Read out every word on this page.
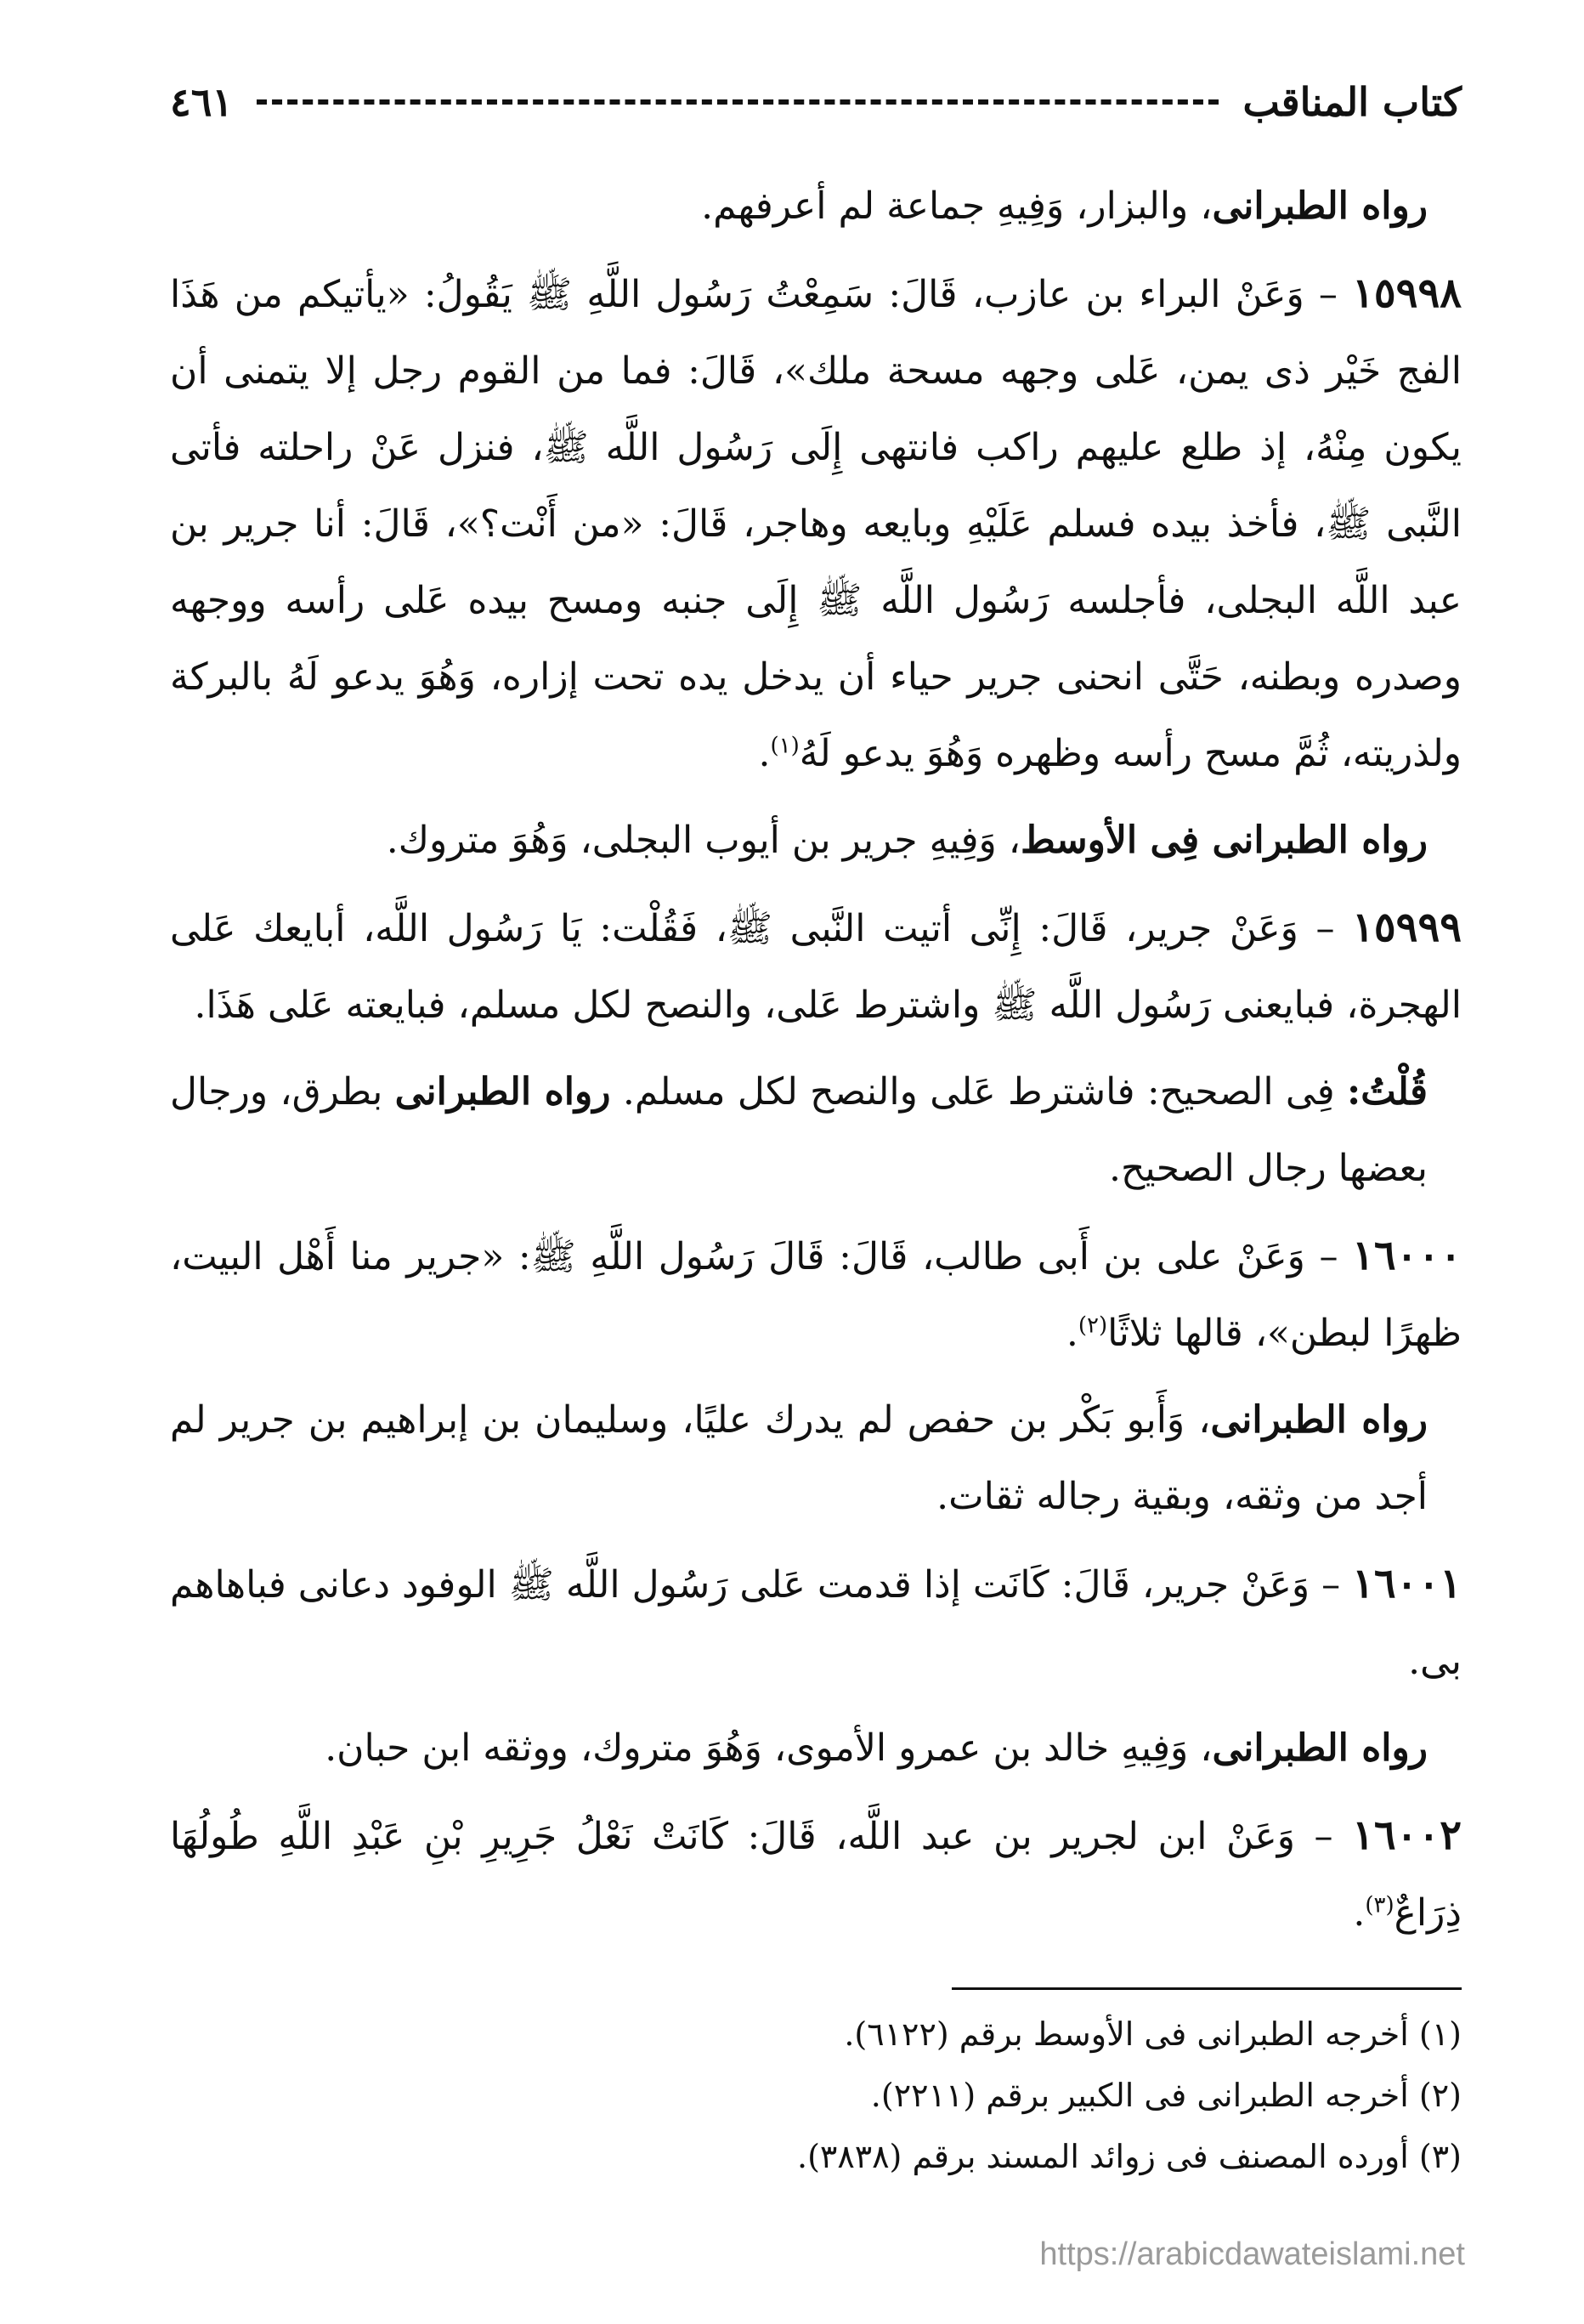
كتاب المناقب
٤٦١

رواه الطبرانى، والبزار، وَفِيهِ جماعة لم أعرفهم.

١٥٩٩٨ – وَعَنْ البراء بن عازب، قَالَ: سَمِعْتُ رَسُول اللَّهِ ﷺ يَقُولُ: «يأتيكم من هَذَا الفج خَيْر ذى يمن، عَلى وجهه مسحة ملك»، قَالَ: فما من القوم رجل إلا يتمنى أن يكون مِنْهُ، إذ طلع عليهم راكب فانتهى إِلَى رَسُول اللَّه ﷺ، فنزل عَنْ راحلته فأتى النَّبى ﷺ، فأخذ بيده فسلم عَلَيْهِ وبايعه وهاجر، قَالَ: «من أَنْت؟»، قَالَ: أنا جرير بن عبد اللَّه البجلى، فأجلسه رَسُول اللَّه ﷺ إِلَى جنبه ومسح بيده عَلى رأسه ووجهه وصدره وبطنه، حَتَّى انحنى جرير حياء أن يدخل يده تحت إزاره، وَهُوَ يدعو لَهُ بالبركة ولذريته، ثُمَّ مسح رأسه وظهره وَهُوَ يدعو لَهُ$^{(١)}$.

رواه الطبرانى فِى الأوسط، وَفِيهِ جرير بن أيوب البجلى، وَهُوَ متروك.

١٥٩٩٩ – وَعَنْ جرير، قَالَ: إِنِّى أتيت النَّبى ﷺ، فَقُلْت: يَا رَسُول اللَّه، أبايعك عَلى الهجرة، فبايعنى رَسُول اللَّه ﷺ واشترط عَلى، والنصح لكل مسلم، فبايعته عَلى هَذَا.

قُلْتُ: فِى الصحيح: فاشترط عَلى والنصح لكل مسلم. رواه الطبرانى بطرق، ورجال بعضها رجال الصحيح.

١٦٠٠٠ – وَعَنْ على بن أَبى طالب، قَالَ: قَالَ رَسُول اللَّهِ ﷺ: «جرير منا أَهْل البيت، ظهرًا لبطن»، قالها ثلاثًا$^{(٢)}$.

رواه الطبرانى، وَأَبو بَكْر بن حفص لم يدرك عليًا، وسليمان بن إبراهيم بن جرير لم أجد من وثقه، وبقية رجاله ثقات.

١٦٠٠١ – وَعَنْ جرير، قَالَ: كَانَت إذا قدمت عَلى رَسُول اللَّه ﷺ الوفود دعانى فباهاهم بى.

رواه الطبرانى، وَفِيهِ خالد بن عمرو الأموى، وَهُوَ متروك، ووثقه ابن حبان.

١٦٠٠٢ – وَعَنْ ابن لجرير بن عبد اللَّه، قَالَ: كَانَتْ نَعْلُ جَرِيرِ بْنِ عَبْدِ اللَّهِ طُولُهَا ذِرَاعٌ$^{(٣)}$.

(١) أخرجه الطبرانى فى الأوسط برقم (٦١٢٢).
(٢) أخرجه الطبرانى فى الكبير برقم (٢٢١١).
(٣) أورده المصنف فى زوائد المسند برقم (٣٨٣٨).
https://arabicdawateislami.net
